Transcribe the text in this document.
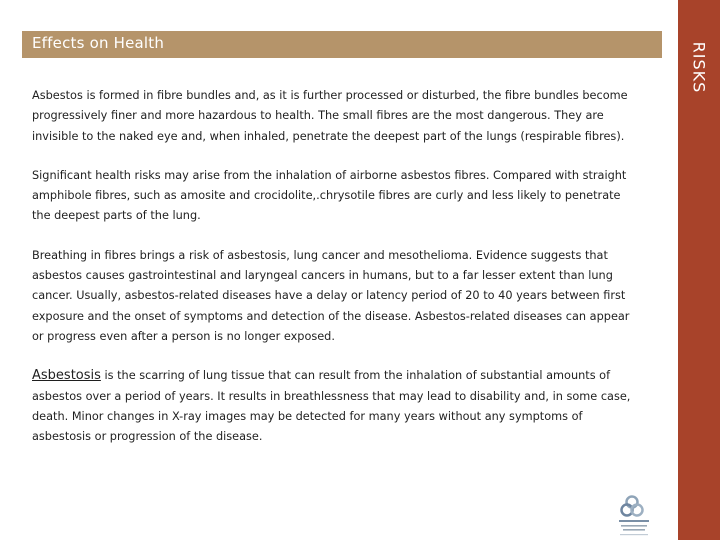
Effects on Health	RISKS

Asbestos is formed in fibre bundles and, as it is further processed or disturbed, the fibre bundles become progressively finer and more hazardous to health. The small fibres are the most dangerous. They are invisible to the naked eye and, when inhaled, penetrate the deepest part of the lungs (respirable fibres).

Significant health risks may arise from the inhalation of airborne asbestos fibres. Compared with straight amphibole fibres, such as amosite and crocidolite,.chrysotile fibres are curly and less likely to penetrate the deepest parts of the lung.

Breathing in fibres brings a risk of asbestosis, lung cancer and mesothelioma. Evidence suggests that asbestos causes gastrointestinal and laryngeal cancers in humans, but to a far lesser extent than lung cancer. Usually, asbestos-related diseases have a delay or latency period of 20 to 40 years between first exposure and the onset of symptoms and detection of the disease. Asbestos-related diseases can appear or progress even after a person is no longer exposed.

Asbestosis is the scarring of lung tissue that can result from the inhalation of substantial amounts of asbestos over a period of years. It results in breathlessness that may lead to disability and, in some case, death. Minor changes in X-ray images may be detected for many years without any symptoms of asbestosis or progression of the disease.
